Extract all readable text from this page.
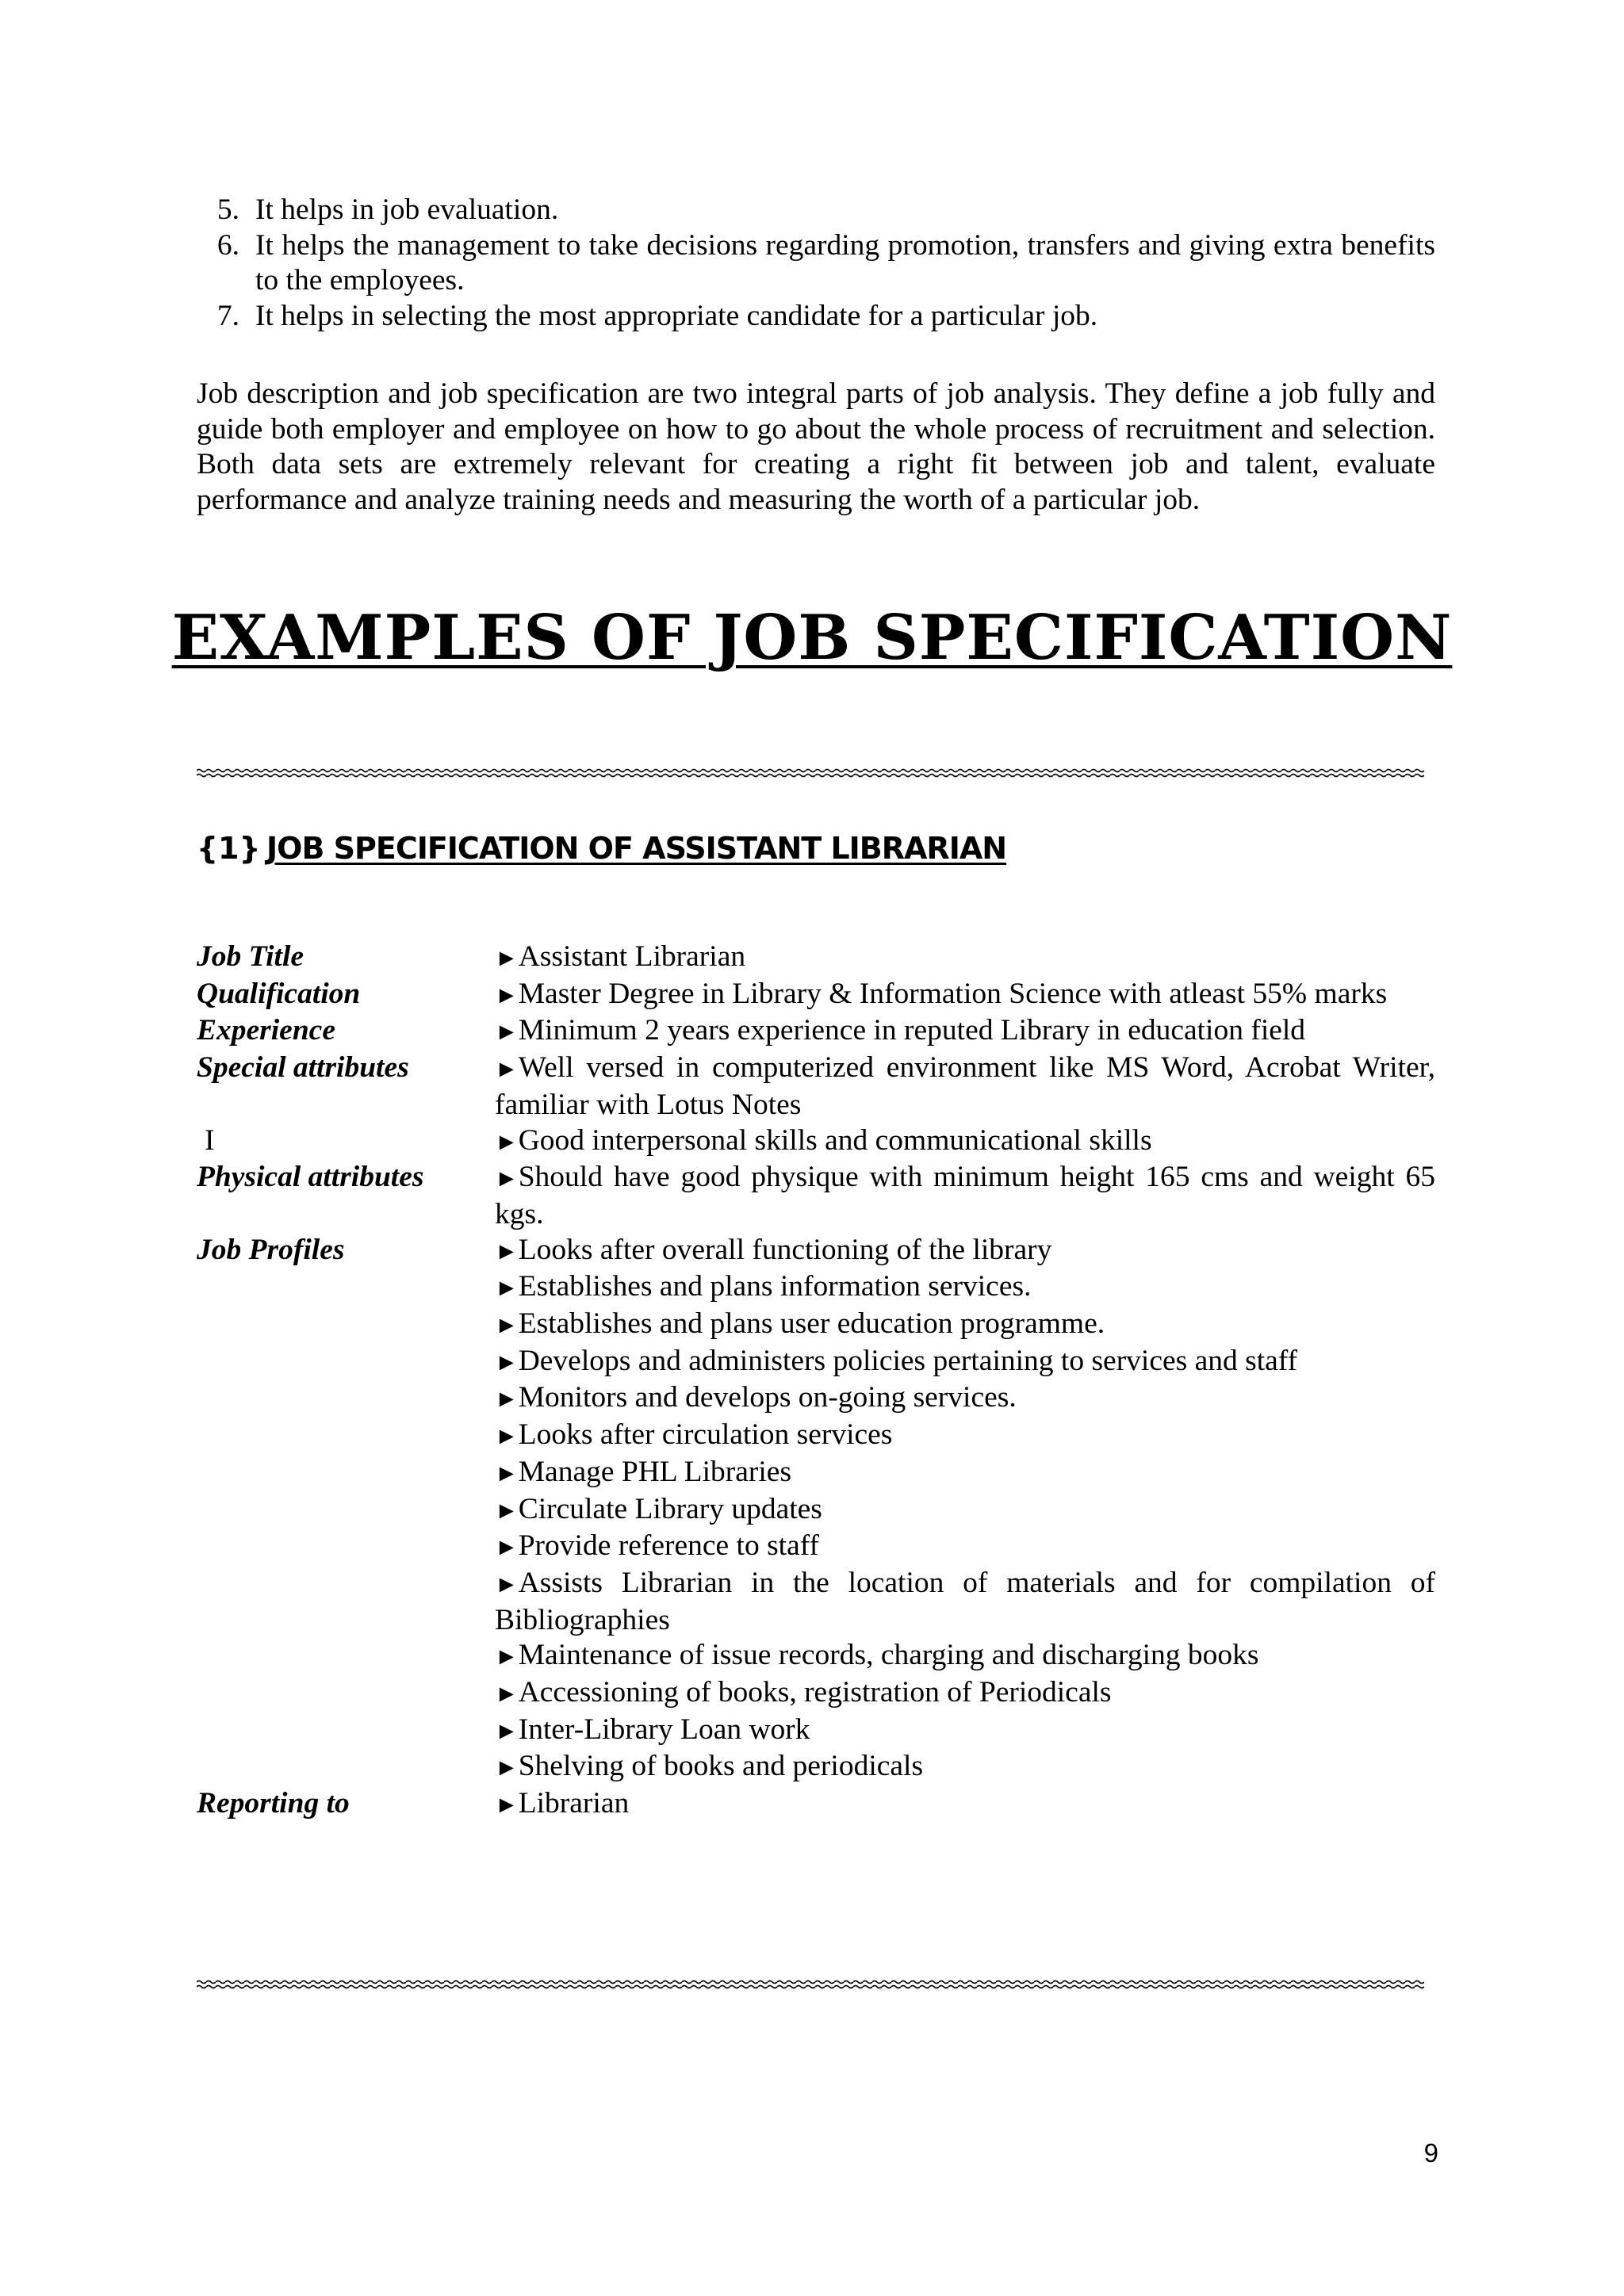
5. It helps in job evaluation.
6. It helps the management to take decisions regarding promotion, transfers and giving extra benefits to the employees.
7. It helps in selecting the most appropriate candidate for a particular job.

Job description and job specification are two integral parts of job analysis. They define a job fully and guide both employer and employee on how to go about the whole process of recruitment and selection. Both data sets are extremely relevant for creating a right fit between job and talent, evaluate performance and analyze training needs and measuring the worth of a particular job.

EXAMPLES OF JOB SPECIFICATION
{1} JOB SPECIFICATION OF ASSISTANT LIBRARIAN
Job Title	►Assistant Librarian
Qualification	►Master Degree in Library & Information Science with atleast 55% marks
Experience	►Minimum 2 years experience in reputed Library in education field
Special attributes	►Well versed in computerized environment like MS Word, Acrobat Writer, familiar with Lotus Notes
I	►Good interpersonal skills and communicational skills
Physical attributes	►Should have good physique with minimum height 165 cms and weight 65 kgs.
Job Profiles	►Looks after overall functioning of the library
►Establishes and plans information services.
►Establishes and plans user education programme.
►Develops and administers policies pertaining to services and staff
►Monitors and develops on-going services.
►Looks after circulation services
►Manage PHL Libraries
►Circulate Library updates
►Provide reference to staff
►Assists Librarian in the location of materials and for compilation of Bibliographies
►Maintenance of issue records, charging and discharging books
►Accessioning of books, registration of Periodicals
►Inter-Library Loan work
►Shelving of books and periodicals
Reporting to	►Librarian
9
